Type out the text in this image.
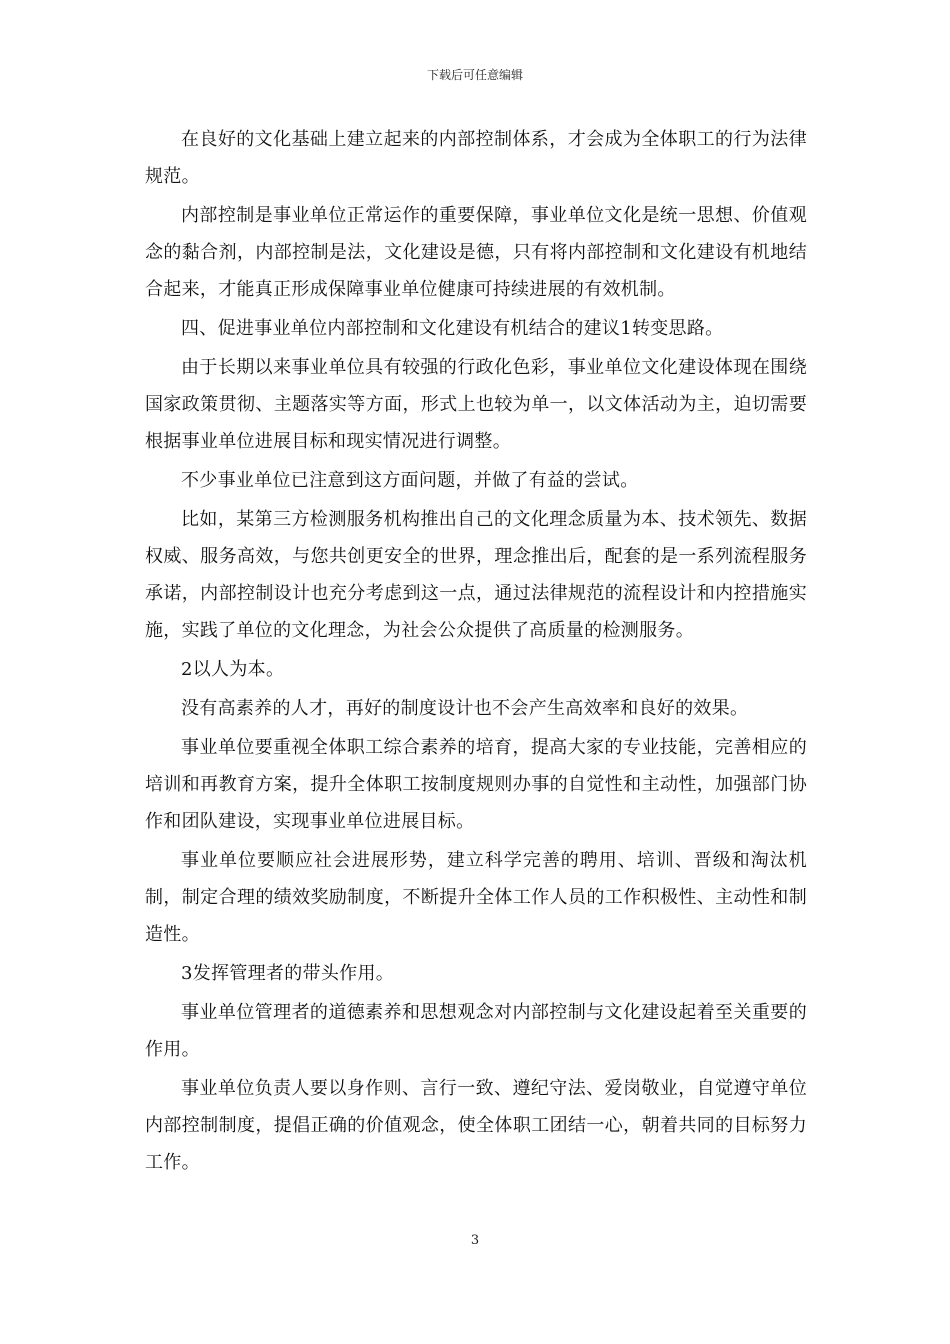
下载后可任意编辑

在良好的文化基础上建立起来的内部控制体系，才会成为全体职工的行为法律规范。

内部控制是事业单位正常运作的重要保障，事业单位文化是统一思想、价值观念的黏合剂，内部控制是法，文化建设是德，只有将内部控制和文化建设有机地结合起来，才能真正形成保障事业单位健康可持续进展的有效机制。

四、促进事业单位内部控制和文化建设有机结合的建议1转变思路。

由于长期以来事业单位具有较强的行政化色彩，事业单位文化建设体现在围绕国家政策贯彻、主题落实等方面，形式上也较为单一，以文体活动为主，迫切需要根据事业单位进展目标和现实情况进行调整。

不少事业单位已注意到这方面问题，并做了有益的尝试。

比如，某第三方检测服务机构推出自己的文化理念质量为本、技术领先、数据权威、服务高效，与您共创更安全的世界，理念推出后，配套的是一系列流程服务承诺，内部控制设计也充分考虑到这一点，通过法律规范的流程设计和内控措施实施，实践了单位的文化理念，为社会公众提供了高质量的检测服务。

2以人为本。

没有高素养的人才，再好的制度设计也不会产生高效率和良好的效果。

事业单位要重视全体职工综合素养的培育，提高大家的专业技能，完善相应的培训和再教育方案，提升全体职工按制度规则办事的自觉性和主动性，加强部门协作和团队建设，实现事业单位进展目标。

事业单位要顺应社会进展形势，建立科学完善的聘用、培训、晋级和淘汰机制，制定合理的绩效奖励制度，不断提升全体工作人员的工作积极性、主动性和制造性。

3发挥管理者的带头作用。

事业单位管理者的道德素养和思想观念对内部控制与文化建设起着至关重要的作用。

事业单位负责人要以身作则、言行一致、遵纪守法、爱岗敬业，自觉遵守单位内部控制制度，提倡正确的价值观念，使全体职工团结一心，朝着共同的目标努力工作。

3
